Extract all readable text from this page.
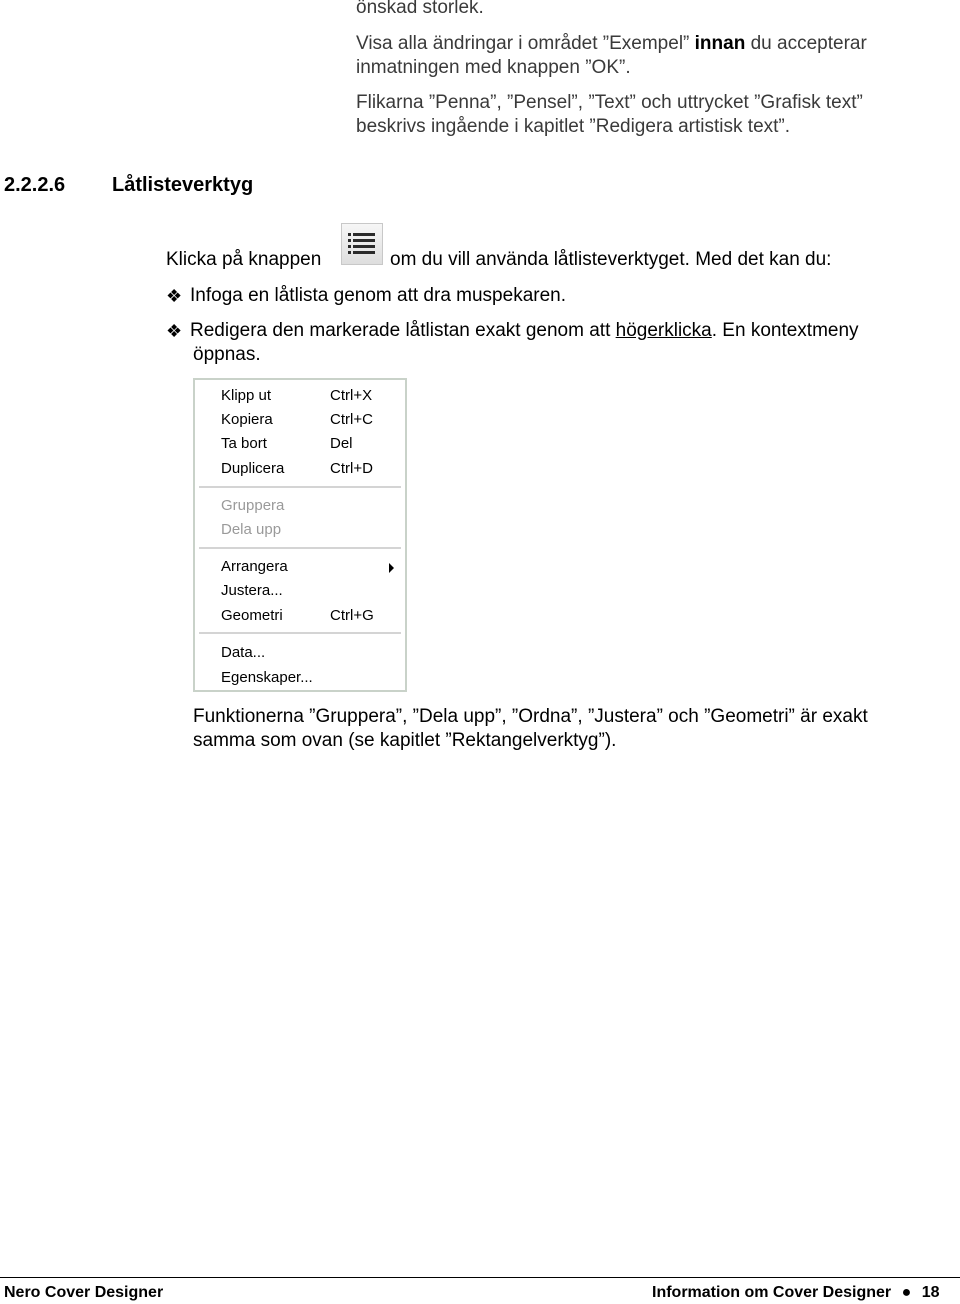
önskad storlek.
Visa alla ändringar i området ”Exempel” innan du accepterar
inmatningen med knappen ”OK”.
Flikarna ”Penna”, ”Pensel”, ”Text” och uttrycket ”Grafisk text”
beskrivs ingående i kapitlet ”Redigera artistisk text”.
2.2.2.6 Låtlisteverktyg
Klicka på knappen	om du vill använda låtlisteverktyget. Med det kan du:
❖ Infoga en låtlista genom att dra muspekaren.
❖ Redigera den markerade låtlistan exakt genom att högerklicka. En kontextmeny
öppnas.
Klipp ut	Ctrl+X
Kopiera	Ctrl+C
Ta bort	Del
Duplicera	Ctrl+D
Gruppera
Dela upp
Arrangera
Justera...
Geometri	Ctrl+G
Data...
Egenskaper...
Funktionerna ”Gruppera”, ”Dela upp”, ”Ordna”, ”Justera” och ”Geometri” är exakt
samma som ovan (se kapitlet ”Rektangelverktyg”).
Nero Cover Designer	Information om Cover Designer ● 18
